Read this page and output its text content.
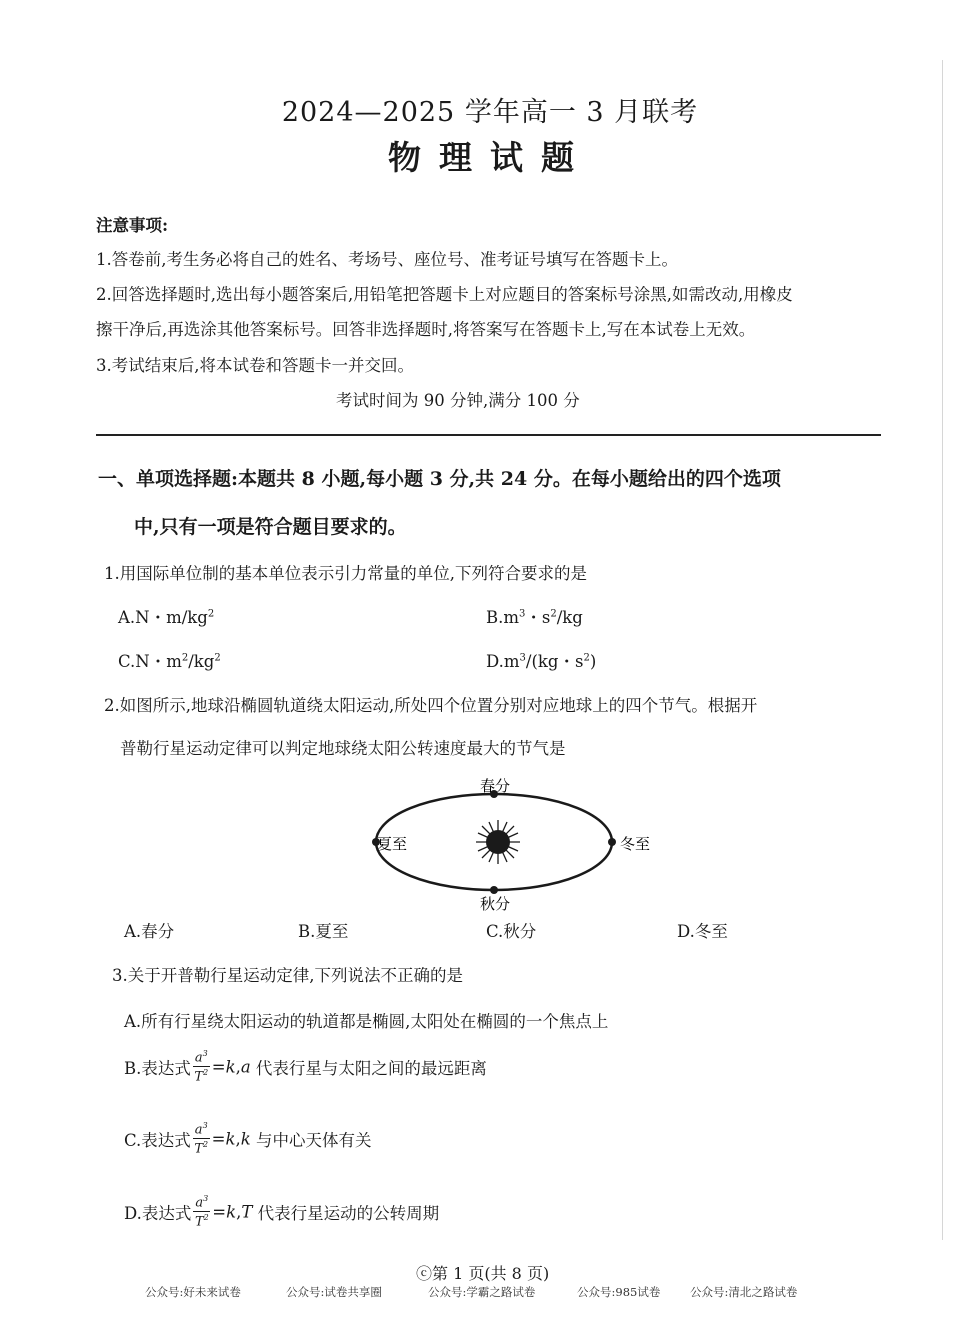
2024—2025 学年高一 3 月联考
物理试题
注意事项:
1.答卷前,考生务必将自己的姓名、考场号、座位号、准考证号填写在答题卡上。
2.回答选择题时,选出每小题答案后,用铅笔把答题卡上对应题目的答案标号涂黑,如需改动,用橡皮
擦干净后,再选涂其他答案标号。回答非选择题时,将答案写在答题卡上,写在本试卷上无效。
3.考试结束后,将本试卷和答题卡一并交回。
考试时间为 90 分钟,满分 100 分
一、单项选择题:本题共 8 小题,每小题 3 分,共 24 分。在每小题给出的四个选项
中,只有一项是符合题目要求的。
1.用国际单位制的基本单位表示引力常量的单位,下列符合要求的是
A.N・$m/kg^2$	$B.m^3$・$s^2/kg$
C.N・$m^2/kg^2$	$D.m^3/(kg$・$s^2$)
2.如图所示,地球沿椭圆轨道绕太阳运动,所处四个位置分别对应地球上的四个节气。根据开
普勒行星运动定律可以判定地球绕太阳公转速度最大的节气是
春分
夏至	冬至
秋分
A.春分	B.夏至	C.秋分	D.冬至
3.关于开普勒行星运动定律,下列说法不正确的是
A.所有行星绕太阳运动的轨道都是椭圆,太阳处在椭圆的一个焦点上
B.表达式 $\frac{a^3}{T^2} =k,a$ 代表行星与太阳之间的最远距离
C.表达式 $\frac{a^3}{T^2} =k,k$ 与中心天体有关
D.表达式 $\frac{a^3}{T^2} =k,T$ 代表行星运动的公转周期
ⓒ第 1 页(共 8 页)
公众号:好未来试卷	公众号:试卷共享圈	公众号:学霸之路试卷	公众号:985试卷	公众号:清北之路试卷
